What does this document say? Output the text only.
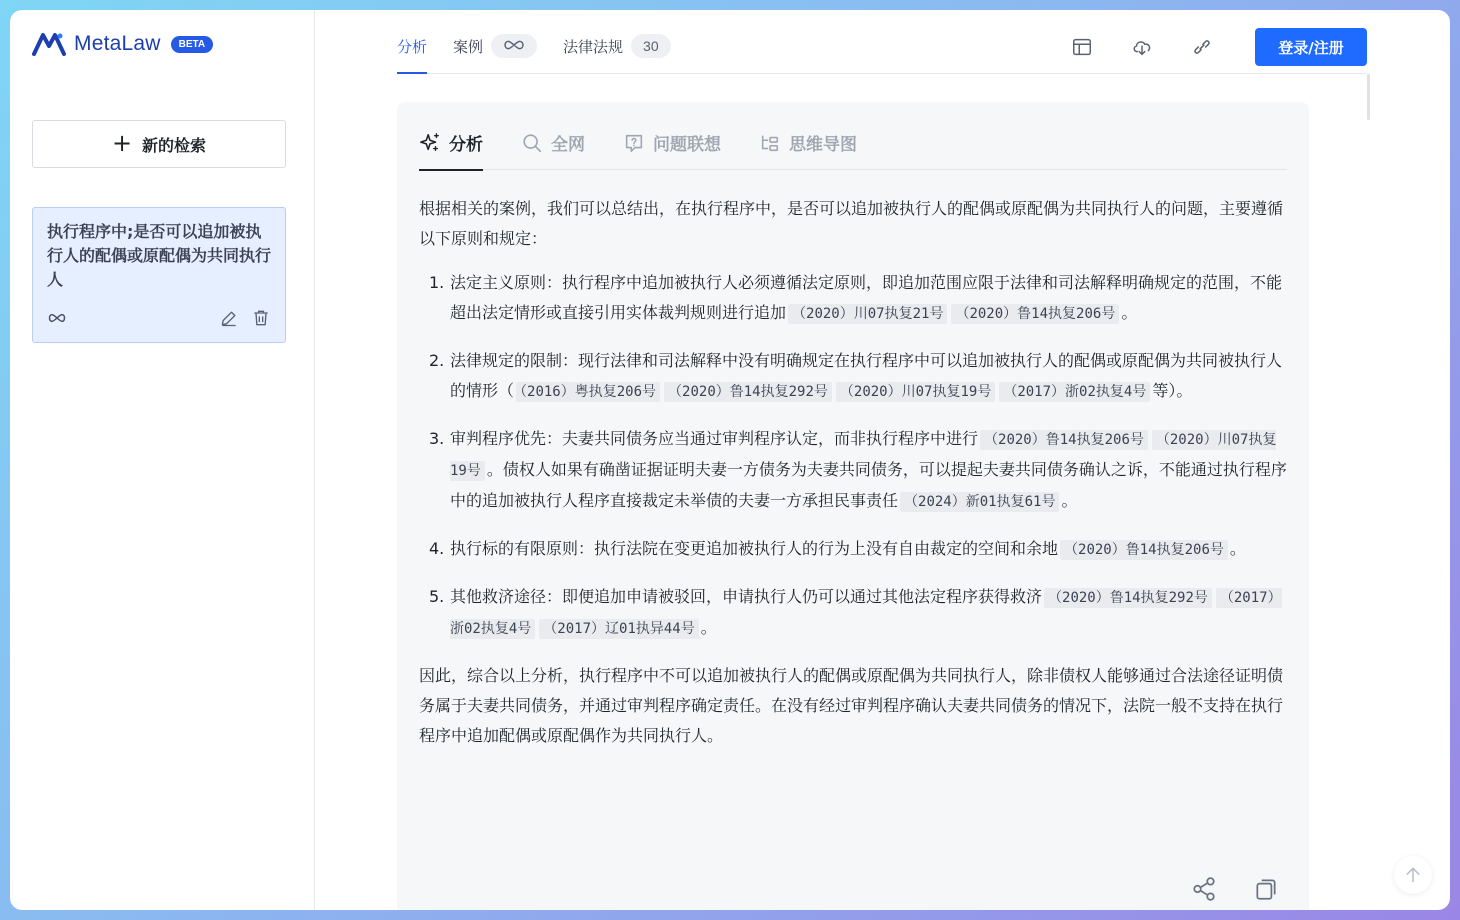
MetaLaw	BETA
+ 新的检索
执行程序中;是否可以追加被执行人的配偶或原配偶为共同执行人
分析 案例	法律法规	30	登录/注册
分析	全网	问题联想	思维导图

根据相关的案例，我们可以总结出，在执行程序中，是否可以追加被执行人的配偶或原配偶为共同执行人的问题，主要遵循以下原则和规定：

1. 法定主义原则：执行程序中追加被执行人必须遵循法定原则，即追加范围应限于法律和司法解释明确规定的范围，不能超出法定情形或直接引用实体裁判规则进行追加 （2020）川07执复21号 （2020）鲁14执复206号 。
2. 法律规定的限制：现行法律和司法解释中没有明确规定在执行程序中可以追加被执行人的配偶或原配偶为共同被执行人的情形（ （2016）粤执复206号 （2020）鲁14执复292号 （2020）川07执复19号 （2017）浙02执复4号 等）。
3. 审判程序优先：夫妻共同债务应当通过审判程序认定，而非执行程序中进行 （2020）鲁14执复206号 （2020）川07执复19号 。债权人如果有确凿证据证明夫妻一方债务为夫妻共同债务，可以提起夫妻共同债务确认之诉，不能通过执行程序中的追加被执行人程序直接裁定未举债的夫妻一方承担民事责任 （2024）新01执复61号 。
4. 执行标的有限原则：执行法院在变更追加被执行人的行为上没有自由裁定的空间和余地 （2020）鲁14执复206号 。
5. 其他救济途径：即便追加申请被驳回，申请执行人仍可以通过其他法定程序获得救济 （2020）鲁14执复292号 （2017）浙02执复4号 （2017）辽01执异44号 。

因此，综合以上分析，执行程序中不可以追加被执行人的配偶或原配偶为共同执行人，除非债权人能够通过合法途径证明债务属于夫妻共同债务，并通过审判程序确定责任。在没有经过审判程序确认夫妻共同债务的情况下，法院一般不支持在执行程序中追加配偶或原配偶作为共同执行人。
